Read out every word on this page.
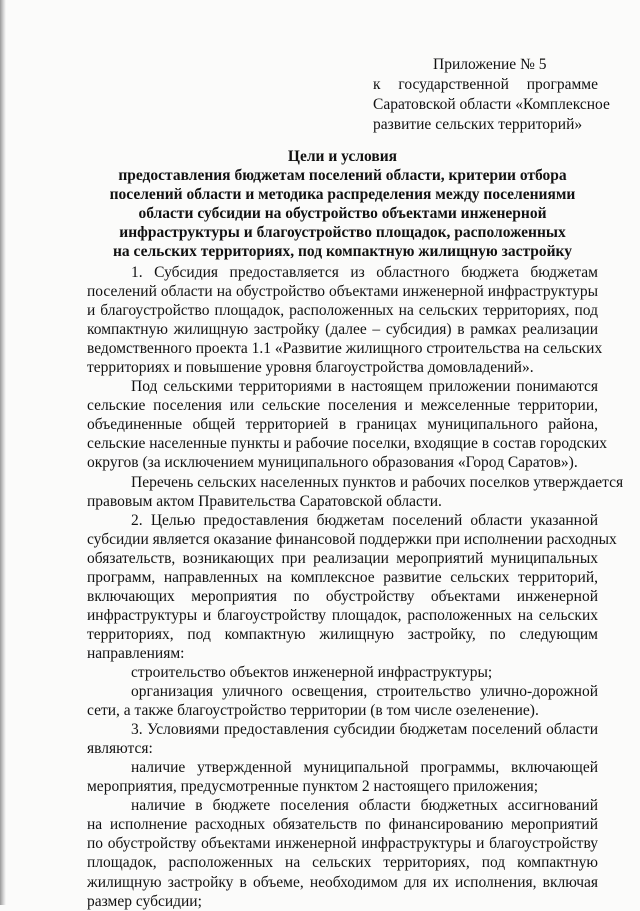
Приложение № 5
к государственной программе
Саратовской области «Комплексное
развитие сельских территорий»
Цели и условия
предоставления бюджетам поселений области, критерии отбора
поселений области и методика распределения между поселениями
области субсидии на обустройство объектами инженерной
инфраструктуры и благоустройство площадок, расположенных
на сельских территориях, под компактную жилищную застройку
1. Субсидия предоставляется из областного бюджета бюджетам
поселений области на обустройство объектами инженерной инфраструктуры
и благоустройство площадок, расположенных на сельских территориях, под
компактную жилищную застройку (далее – субсидия) в рамках реализации
ведомственного проекта 1.1 «Развитие жилищного строительства на сельских
территориях и повышение уровня благоустройства домовладений».
Под сельскими территориями в настоящем приложении понимаются
сельские поселения или сельские поселения и межселенные территории,
объединенные общей территорией в границах муниципального района,
сельские населенные пункты и рабочие поселки, входящие в состав городских
округов (за исключением муниципального образования «Город Саратов»).
Перечень сельских населенных пунктов и рабочих поселков утверждается
правовым актом Правительства Саратовской области.
2. Целью предоставления бюджетам поселений области указанной
субсидии является оказание финансовой поддержки при исполнении расходных
обязательств, возникающих при реализации мероприятий муниципальных
программ, направленных на комплексное развитие сельских территорий,
включающих мероприятия по обустройству объектами инженерной
инфраструктуры и благоустройству площадок, расположенных на сельских
территориях, под компактную жилищную застройку, по следующим
направлениям:
строительство объектов инженерной инфраструктуры;
организация уличного освещения, строительство улично-дорожной
сети, а также благоустройство территории (в том числе озеленение).
3. Условиями предоставления субсидии бюджетам поселений области
являются:
наличие утвержденной муниципальной программы, включающей
мероприятия, предусмотренные пунктом 2 настоящего приложения;
наличие в бюджете поселения области бюджетных ассигнований
на исполнение расходных обязательств по финансированию мероприятий
по обустройству объектами инженерной инфраструктуры и благоустройству
площадок, расположенных на сельских территориях, под компактную
жилищную застройку в объеме, необходимом для их исполнения, включая
размер субсидии;
